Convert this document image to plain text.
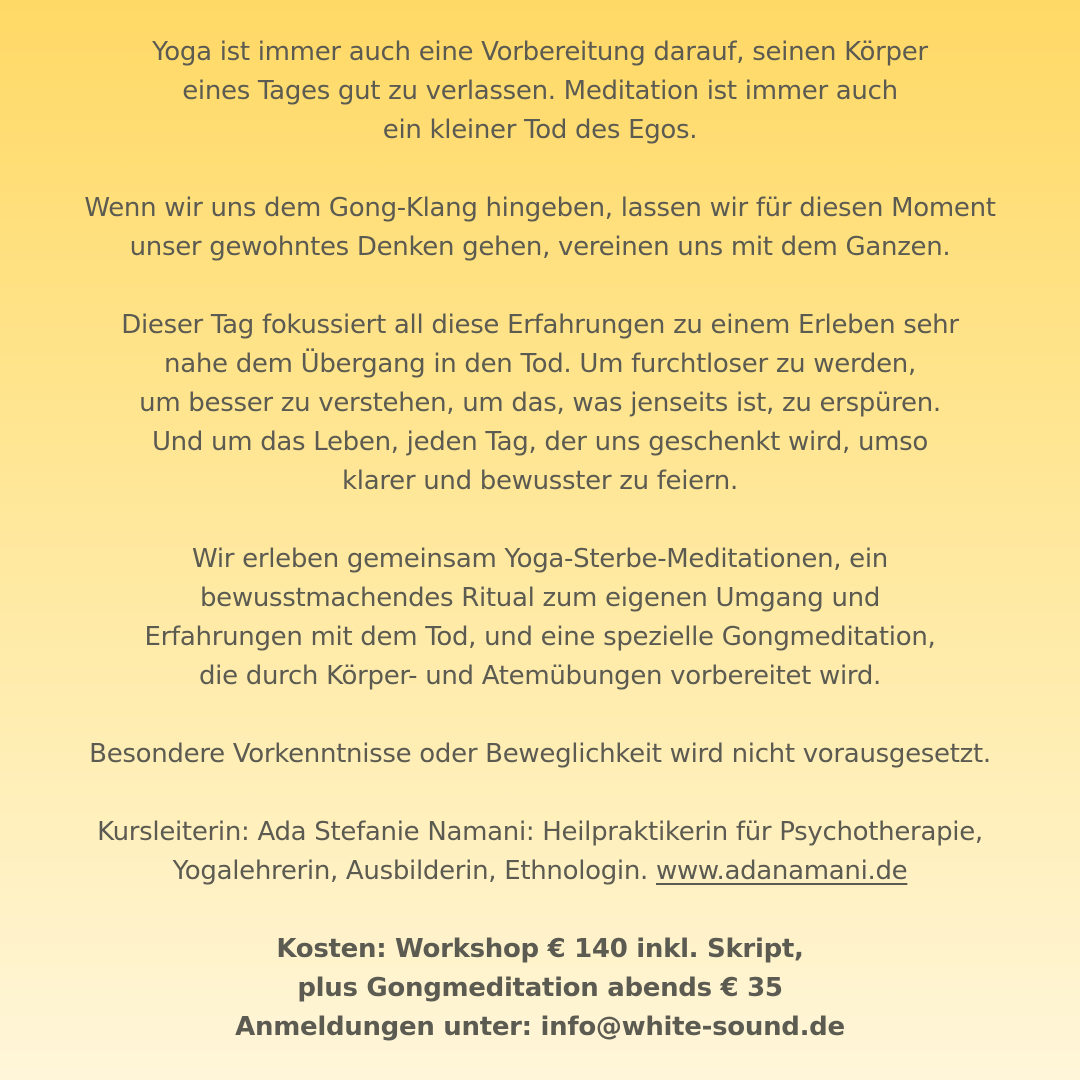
Yoga ist immer auch eine Vorbereitung darauf, seinen Körper
eines Tages gut zu verlassen. Meditation ist immer auch
ein kleiner Tod des Egos.
Wenn wir uns dem Gong-Klang hingeben, lassen wir für diesen Moment
unser gewohntes Denken gehen, vereinen uns mit dem Ganzen.
Dieser Tag fokussiert all diese Erfahrungen zu einem Erleben sehr
nahe dem Übergang in den Tod. Um furchtloser zu werden,
um besser zu verstehen, um das, was jenseits ist, zu erspüren.
Und um das Leben, jeden Tag, der uns geschenkt wird, umso
klarer und bewusster zu feiern.
Wir erleben gemeinsam Yoga-Sterbe-Meditationen, ein
bewusstmachendes Ritual zum eigenen Umgang und
Erfahrungen mit dem Tod, und eine spezielle Gongmeditation,
die durch Körper- und Atemübungen vorbereitet wird.
Besondere Vorkenntnisse oder Beweglichkeit wird nicht vorausgesetzt.
Kursleiterin: Ada Stefanie Namani: Heilpraktikerin für Psychotherapie,
Yogalehrerin, Ausbilderin, Ethnologin. www.adanamani.de
Kosten: Workshop € 140 inkl. Skript,
plus Gongmeditation abends € 35
Anmeldungen unter: info@white-sound.de
